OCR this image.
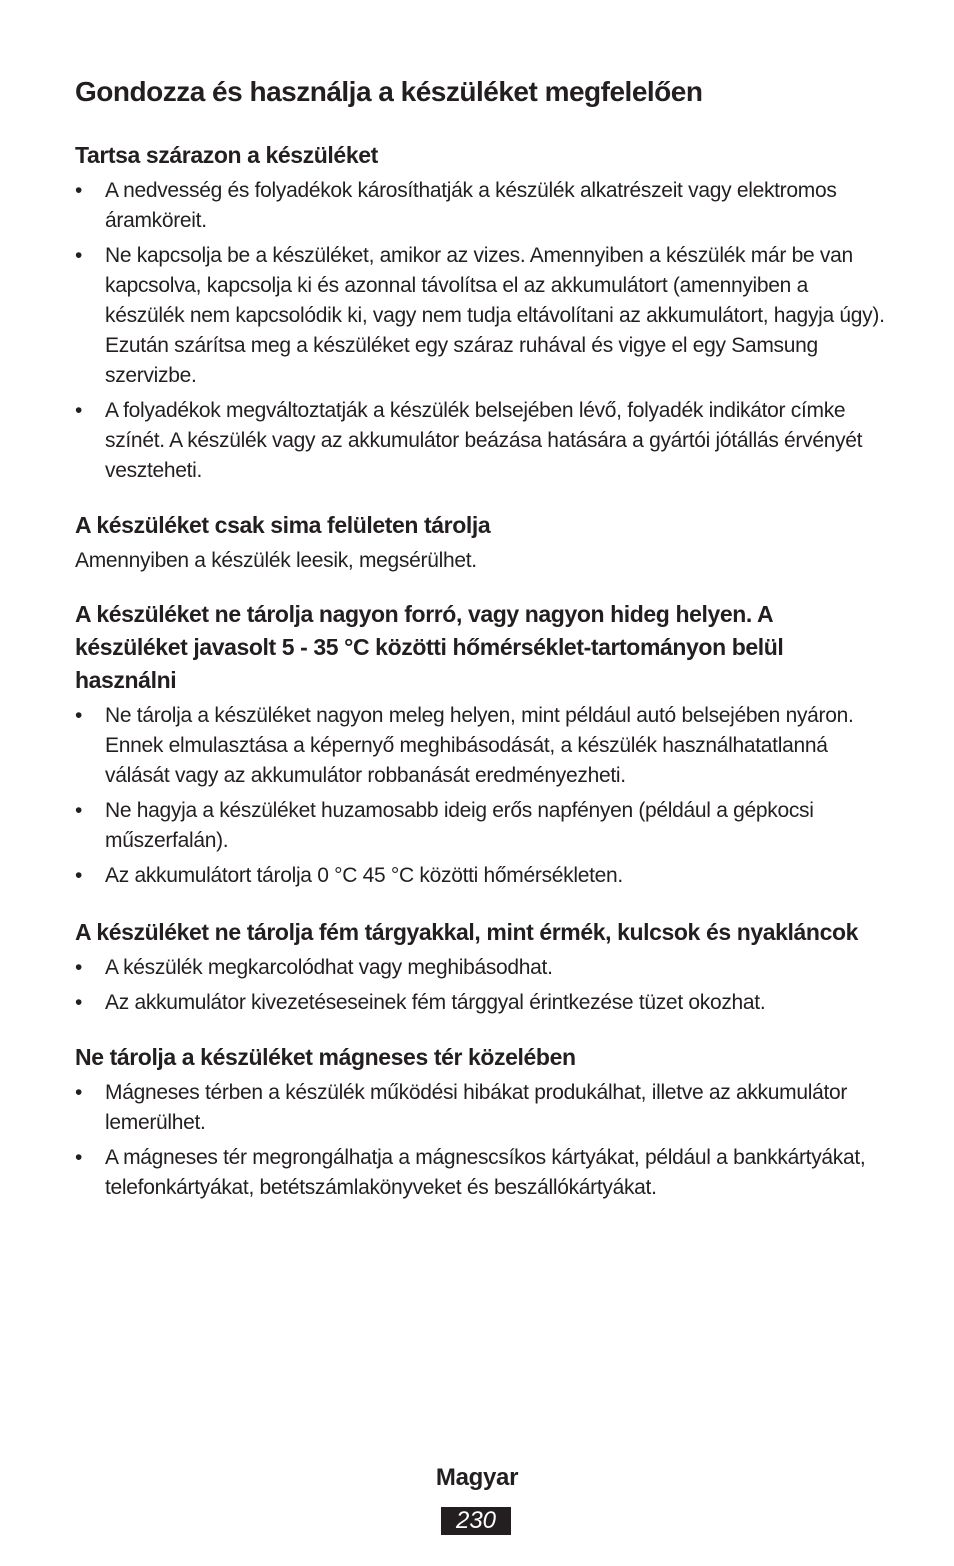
Gondozza és használja a készüléket megfelelően
Tartsa szárazon a készüléket
• A nedvesség és folyadékok károsíthatják a készülék alkatrészeit vagy elektromos áramköreit.
• Ne kapcsolja be a készüléket, amikor az vizes. Amennyiben a készülék már be van kapcsolva, kapcsolja ki és azonnal távolítsa el az akkumulátort (amennyiben a készülék nem kapcsolódik ki, vagy nem tudja eltávolítani az akkumulátort, hagyja úgy). Ezután szárítsa meg a készüléket egy száraz ruhával és vigye el egy Samsung szervizbe.
• A folyadékok megváltoztatják a készülék belsejében lévő, folyadék indikátor címke színét. A készülék vagy az akkumulátor beázása hatására a gyártói jótállás érvényét veszteheti.
A készüléket csak sima felületen tárolja

Amennyiben a készülék leesik, megsérülhet.

A készüléket ne tárolja nagyon forró, vagy nagyon hideg helyen. A készüléket javasolt 5 - 35 °C közötti hőmérséklet-tartományon belül használni
• Ne tárolja a készüléket nagyon meleg helyen, mint például autó belsejében nyáron. Ennek elmulasztása a képernyő meghibásodását, a készülék használhatatlanná válását vagy az akkumulátor robbanását eredményezheti.
• Ne hagyja a készüléket huzamosabb ideig erős napfényen (például a gépkocsi műszerfalán).
• Az akkumulátort tárolja 0 °C 45 °C közötti hőmérsékleten.
A készüléket ne tárolja fém tárgyakkal, mint érmék, kulcsok és nyakláncok
• A készülék megkarcolódhat vagy meghibásodhat.
• Az akkumulátor kivezetéseseinek fém tárggyal érintkezése tüzet okozhat.
Ne tárolja a készüléket mágneses tér közelében
• Mágneses térben a készülék működési hibákat produkálhat, illetve az akkumulátor lemerülhet.
• A mágneses tér megrongálhatja a mágnescsíkos kártyákat, például a bankkártyákat, telefonkártyákat, betétszámlakönyveket és beszállókártyákat.
Magyar
230
